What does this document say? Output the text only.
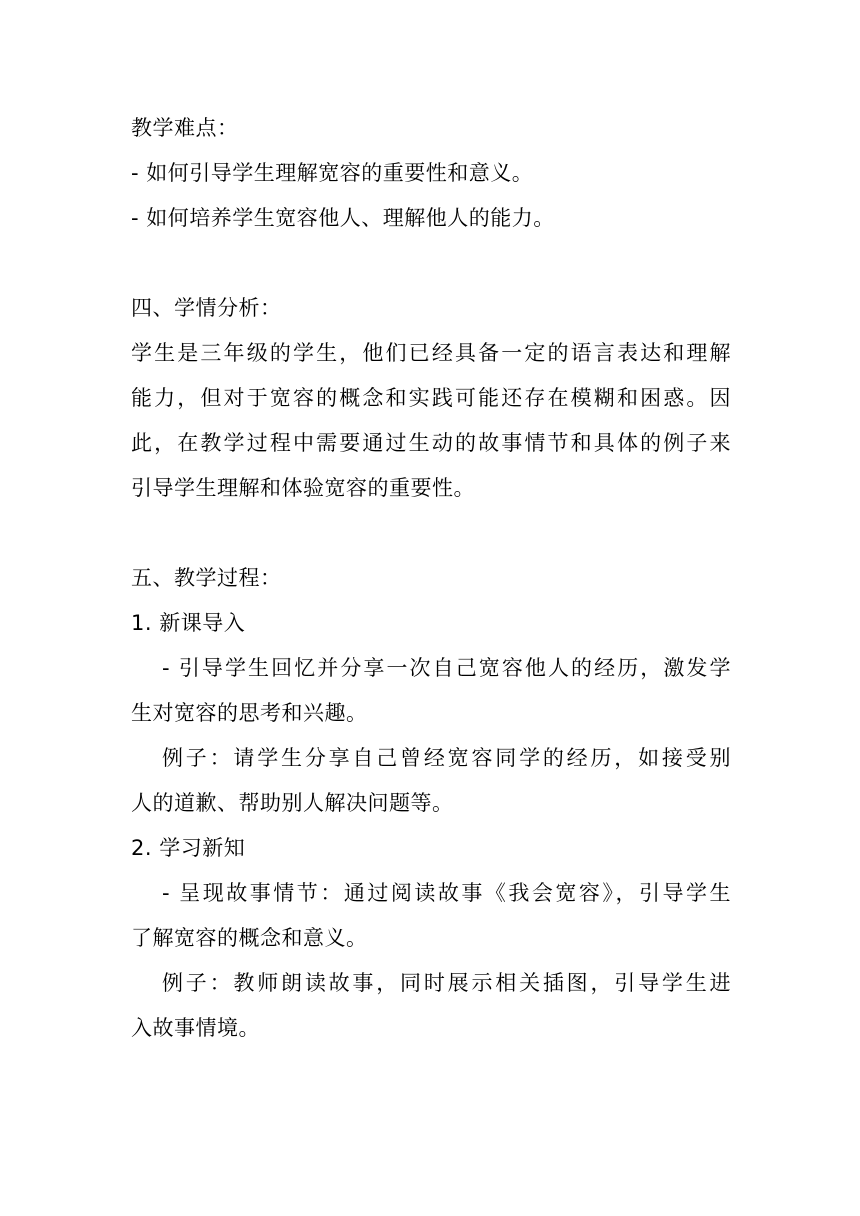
教学难点：
- 如何引导学生理解宽容的重要性和意义。
- 如何培养学生宽容他人、理解他人的能力。
四、学情分析：
学生是三年级的学生，他们已经具备一定的语言表达和理解
能力，但对于宽容的概念和实践可能还存在模糊和困惑。因
此，在教学过程中需要通过生动的故事情节和具体的例子来
引导学生理解和体验宽容的重要性。
五、教学过程：
1. 新课导入
- 引导学生回忆并分享一次自己宽容他人的经历，激发学
生对宽容的思考和兴趣。
例子：请学生分享自己曾经宽容同学的经历，如接受别
人的道歉、帮助别人解决问题等。
2. 学习新知
- 呈现故事情节：通过阅读故事《我会宽容》，引导学生
了解宽容的概念和意义。
例子：教师朗读故事，同时展示相关插图，引导学生进
入故事情境。
